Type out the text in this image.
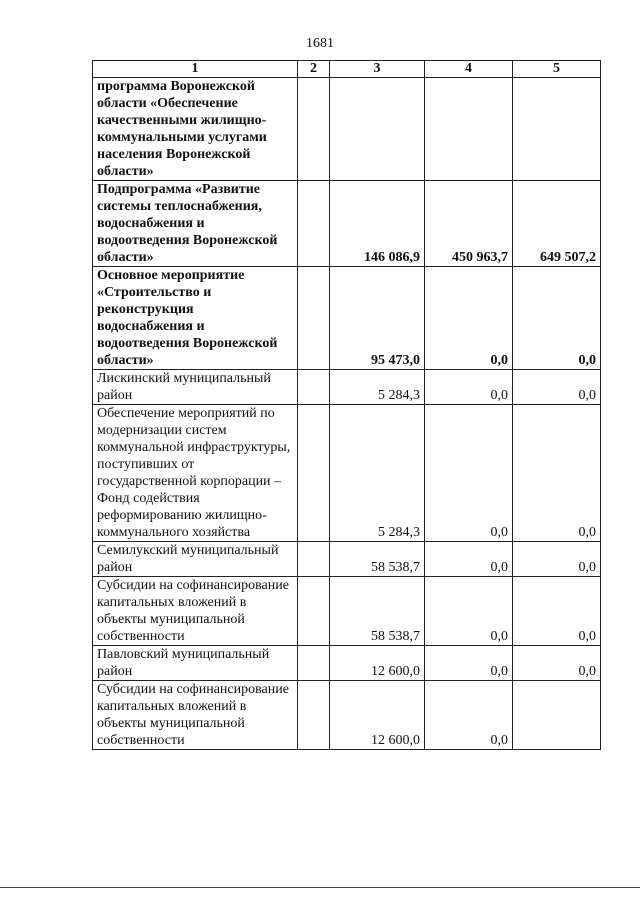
1681
1	2	3	4	5
программа Воронежской области «Обеспечение качественными жилищно-коммунальными услугами населения Воронежской области»				
Подпрограмма «Развитие системы теплоснабжения, водоснабжения и водоотведения Воронежской области»		146 086,9	450 963,7	649 507,2
Основное мероприятие «Строительство и реконструкция водоснабжения и водоотведения Воронежской области»		95 473,0	0,0	0,0
Лискинский муниципальный район		5 284,3	0,0	0,0
Обеспечение мероприятий по модернизации систем коммунальной инфраструктуры, поступивших от государственной корпорации – Фонд содействия реформированию жилищно-коммунального хозяйства		5 284,3	0,0	0,0
Семилукский муниципальный район		58 538,7	0,0	0,0
Субсидии на софинансирование капитальных вложений в объекты муниципальной собственности		58 538,7	0,0	0,0
Павловский муниципальный район		12 600,0	0,0	0,0
Субсидии на софинансирование капитальных вложений в объекты муниципальной собственности		12 600,0	0,0	
